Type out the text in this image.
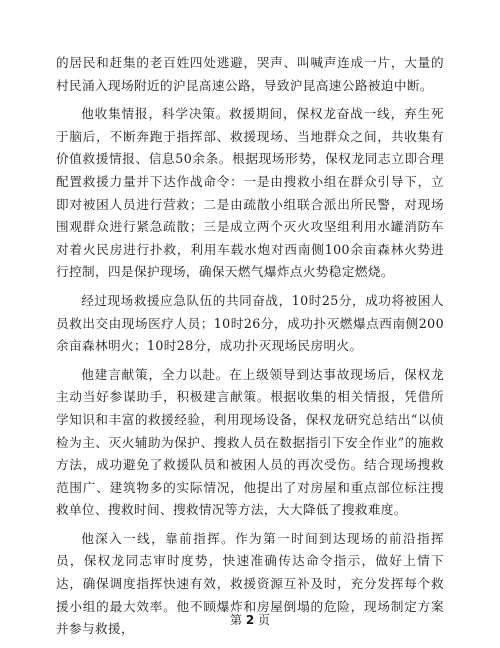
的居民和赶集的老百姓四处逃避，哭声、叫喊声连成一片，大量的村民涌入现场附近的沪昆高速公路，导致沪昆高速公路被迫中断。

他收集情报，科学决策。救援期间，保权龙奋战一线，弃生死于脑后，不断奔跑于指挥部、救援现场、当地群众之间，共收集有价值救援情报、信息50余条。根据现场形势，保权龙同志立即合理配置救援力量并下达作战命令：一是由搜救小组在群众引导下，立即对被困人员进行营救；二是由疏散小组联合派出所民警，对现场围观群众进行紧急疏散；三是成立两个灭火攻坚组利用水罐消防车对着火民房进行扑救，利用车载水炮对西南侧100余亩森林火势进行控制，四是保护现场，确保天燃气爆炸点火势稳定燃烧。

经过现场救援应急队伍的共同奋战，10时25分，成功将被困人员救出交由现场医疗人员；10时26分，成功扑灭燃爆点西南侧200余亩森林明火；10时28分，成功扑灭现场民房明火。

他建言献策，全力以赴。在上级领导到达事故现场后，保权龙主动当好参谋助手，积极建言献策。根据收集的相关情报，凭借所学知识和丰富的救援经验，利用现场设备，保权龙研究总结出“以侦检为主、灭火辅助为保护、搜救人员在数据指引下安全作业”的施救方法，成功避免了救援队员和被困人员的再次受伤。结合现场搜救范围广、建筑物多的实际情况，他提出了对房屋和重点部位标注搜救单位、搜救时间、搜救情况等方法，大大降低了搜救难度。

他深入一线，靠前指挥。作为第一时间到达现场的前沿指挥员，保权龙同志审时度势，快速准确传达命令指示，做好上情下达，确保调度指挥快速有效，救援资源互补及时，充分发挥每个救援小组的最大效率。他不顾爆炸和房屋倒塌的危险，现场制定方案并参与救援，

第 2 页
